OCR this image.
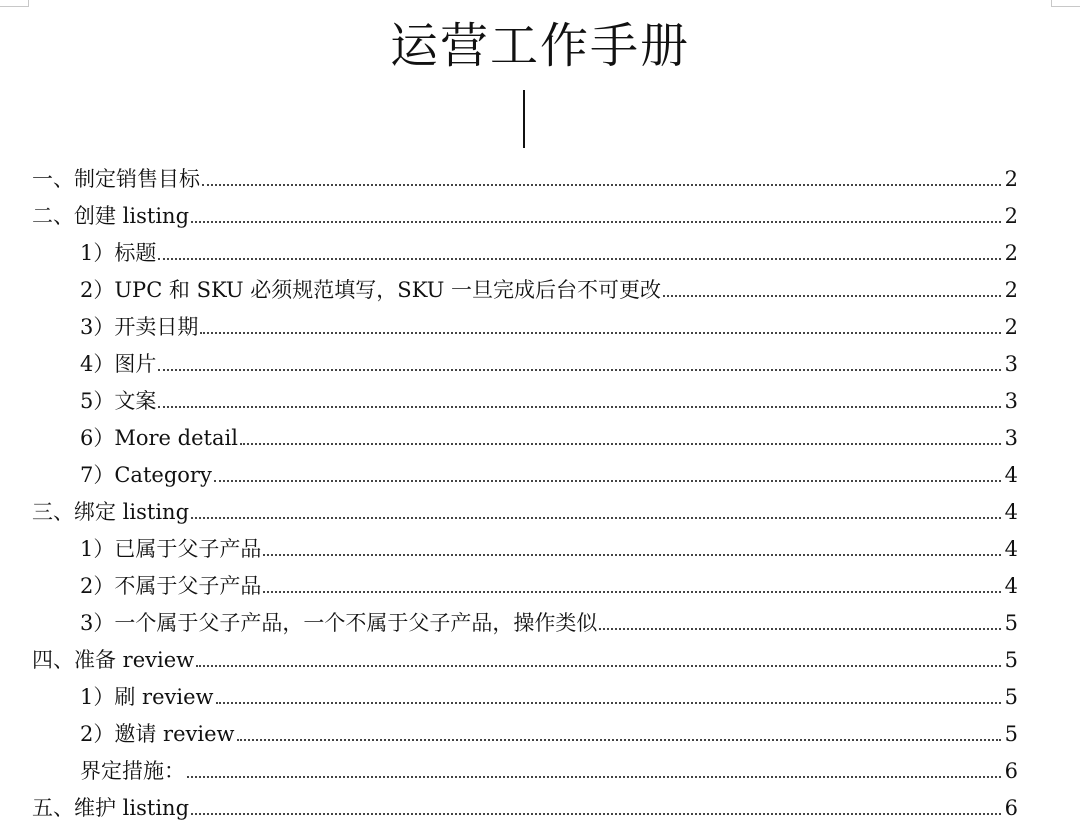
运营工作手册
一、制定销售目标	2
二、创建 listing	2
1）标题	2
2）UPC 和 SKU 必须规范填写，SKU 一旦完成后台不可更改	2
3）开卖日期	2
4）图片	3
5）文案	3
6）More detail	3
7）Category	4
三、绑定 listing	4
1）已属于父子产品	4
2）不属于父子产品	4
3）一个属于父子产品，一个不属于父子产品，操作类似	5
四、准备 review	5
1）刷 review	5
2）邀请 review	5
界定措施：	6
五、维护 listing	6
